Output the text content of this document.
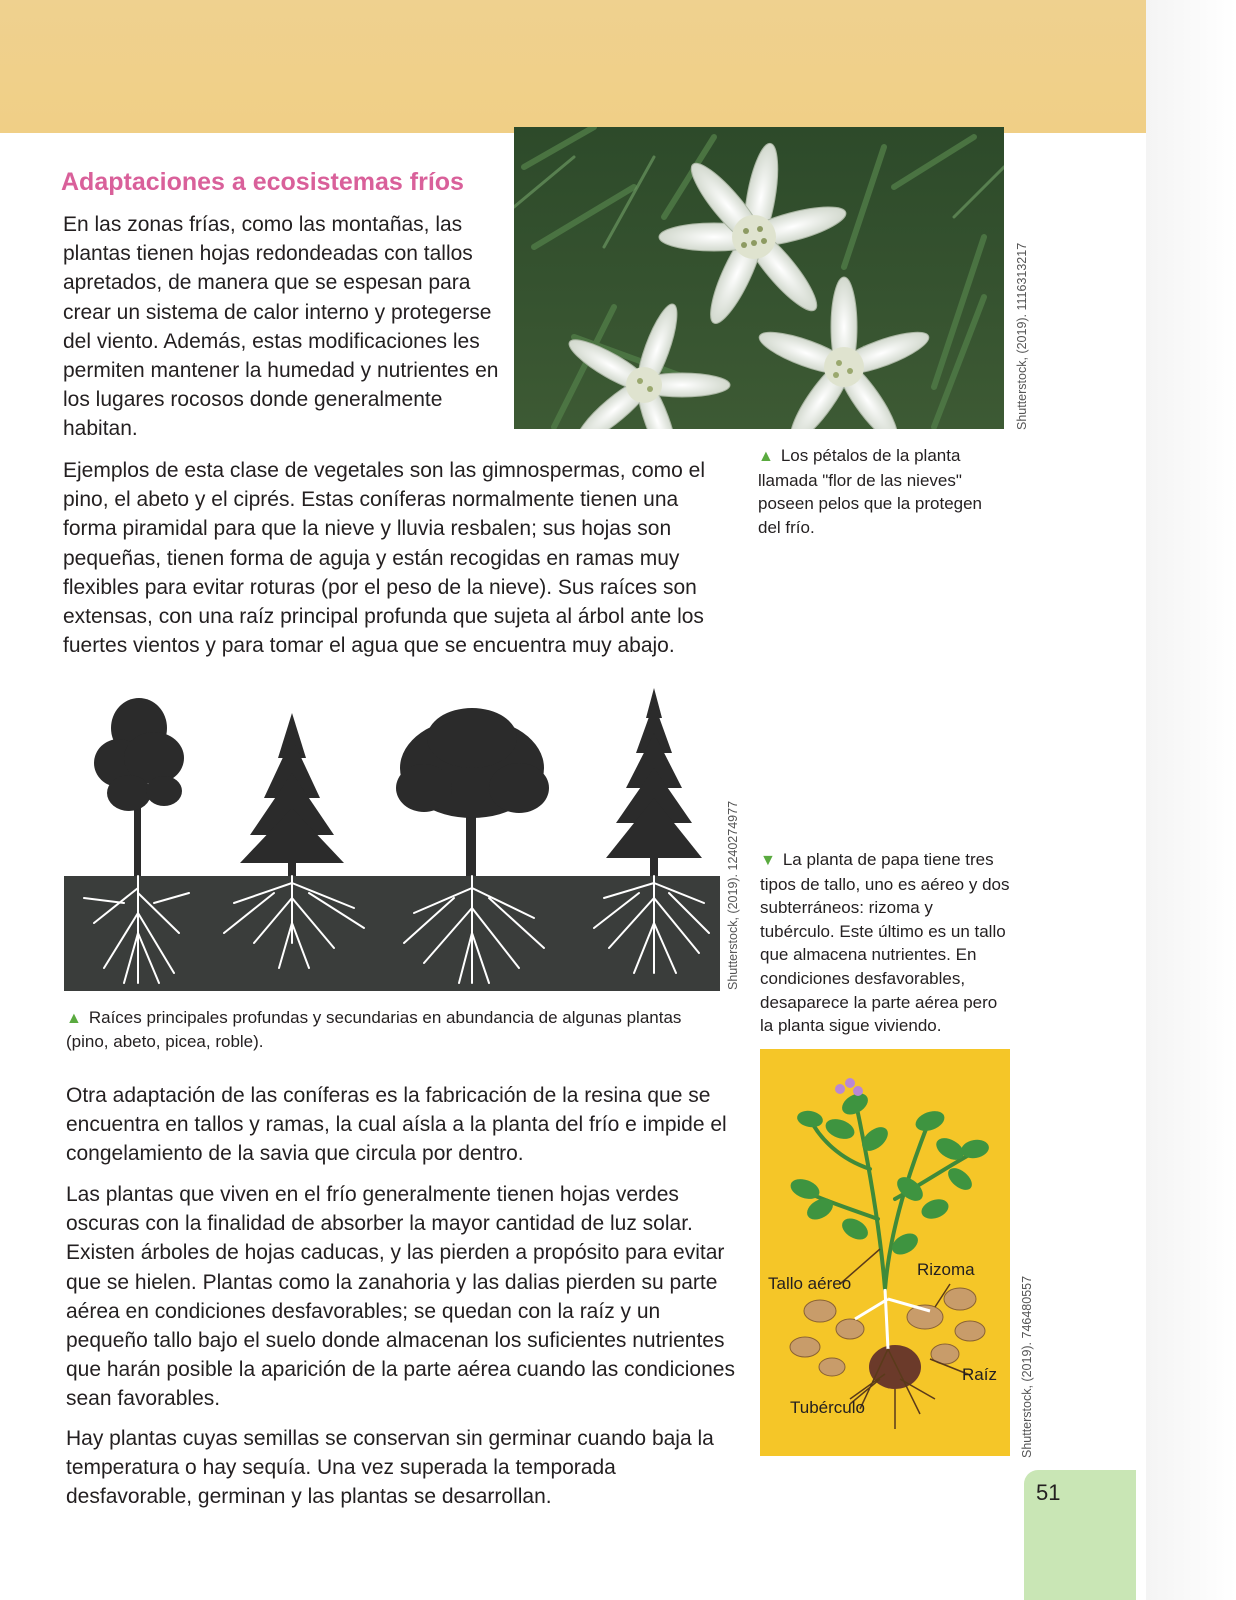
Adaptaciones a ecosistemas fríos

En las zonas frías, como las montañas, las plantas tienen hojas redondeadas con tallos apretados, de manera que se espesan para crear un sistema de calor interno y protegerse del viento. Además, estas modificaciones les permiten mantener la humedad y nutrientes en los lugares rocosos donde generalmente habitan.	Shutterstock, (2019). 1116313217

▲ Los pétalos de la planta llamada "flor de las nieves" poseen pelos que la protegen del frío.

Ejemplos de esta clase de vegetales son las gimnospermas, como el pino, el abeto y el ciprés. Estas coníferas normalmente tienen una forma piramidal para que la nieve y lluvia resbalen; sus hojas son pequeñas, tienen forma de aguja y están recogidas en ramas muy flexibles para evitar roturas (por el peso de la nieve). Sus raíces son extensas, con una raíz principal profunda que sujeta al árbol ante los fuertes vientos y para tomar el agua que se encuentra muy abajo.

Shutterstock, (2019). 1240274977

▲ Raíces principales profundas y secundarias en abundancia de algunas plantas (pino, abeto, picea, roble).

▼ La planta de papa tiene tres tipos de tallo, uno es aéreo y dos subterráneos: rizoma y tubérculo. Este último es un tallo que almacena nutrientes. En condiciones desfavorables, desaparece la parte aérea pero la planta sigue viviendo.

Otra adaptación de las coníferas es la fabricación de la resina que se encuentra en tallos y ramas, la cual aísla a la planta del frío e impide el congelamiento de la savia que circula por dentro.

Las plantas que viven en el frío generalmente tienen hojas verdes oscuras con la finalidad de absorber la mayor cantidad de luz solar. Existen árboles de hojas caducas, y las pierden a propósito para evitar que se hielen. Plantas como la zanahoria y las dalias pierden su parte aérea en condiciones desfavorables; se quedan con la raíz y un pequeño tallo bajo el suelo donde almacenan los suficientes nutrientes que harán posible la aparición de la parte aérea cuando las condiciones sean favorables.

Hay plantas cuyas semillas se conservan sin germinar cuando baja la temperatura o hay sequía. Una vez superada la temporada desfavorable, germinan y las plantas se desarrollan.

Tallo aéreo
Rizoma
Raíz
Tubérculo	Shutterstock, (2019). 746480557
51
